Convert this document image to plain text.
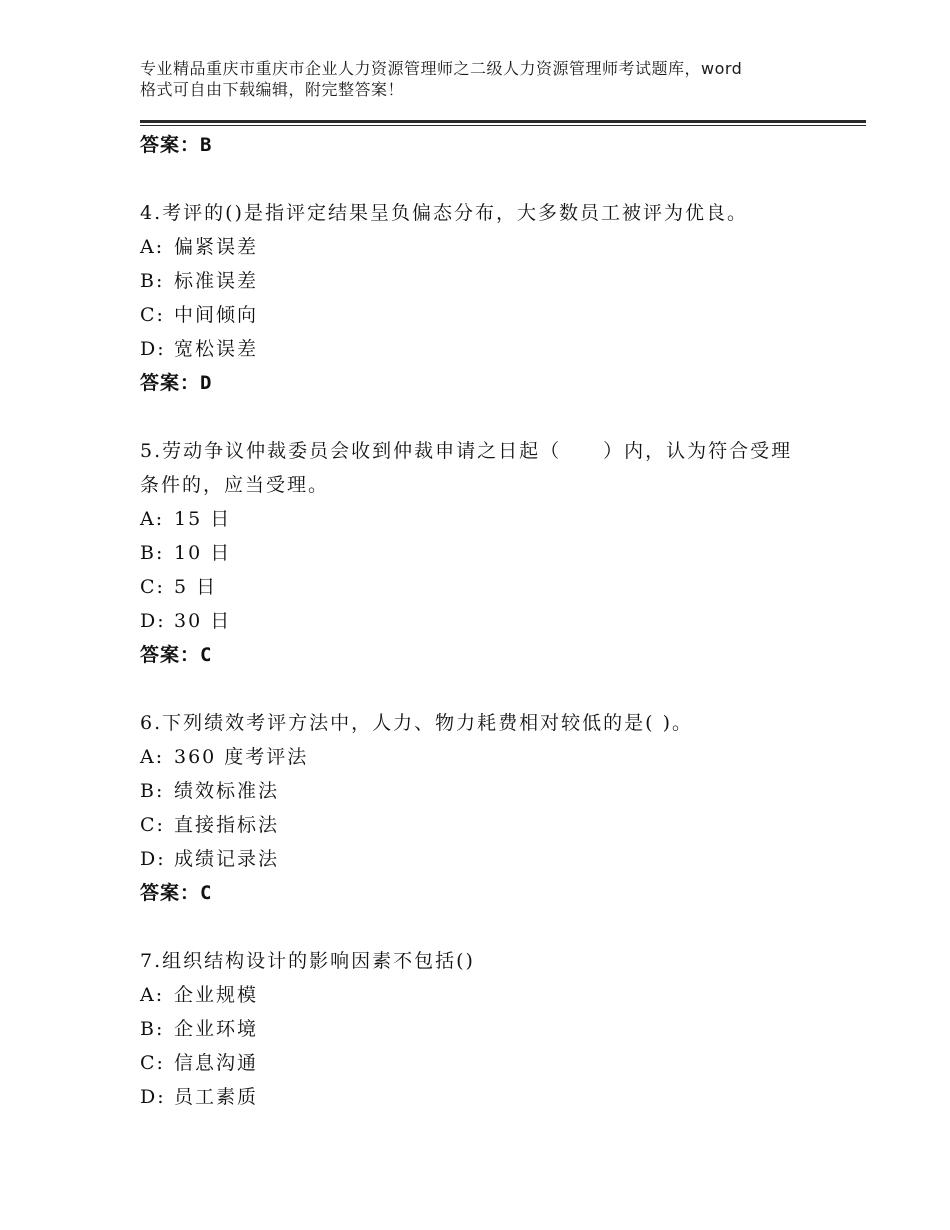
专业精品重庆市重庆市企业人力资源管理师之二级人力资源管理师考试题库，word
格式可自由下载编辑，附完整答案！
答案：B
4.考评的()是指评定结果呈负偏态分布，大多数员工被评为优良。
A: 偏紧误差
B: 标准误差
C: 中间倾向
D: 宽松误差
答案：D
5.劳动争议仲裁委员会收到仲裁申请之日起（　　）内，认为符合受理条件的，应当受理。
A: 15 日
B: 10 日
C: 5 日
D: 30 日
答案：C
6.下列绩效考评方法中，人力、物力耗费相对较低的是( )。
A: 360 度考评法
B: 绩效标准法
C: 直接指标法
D: 成绩记录法
答案：C
7.组织结构设计的影响因素不包括()
A: 企业规模
B: 企业环境
C: 信息沟通
D: 员工素质
